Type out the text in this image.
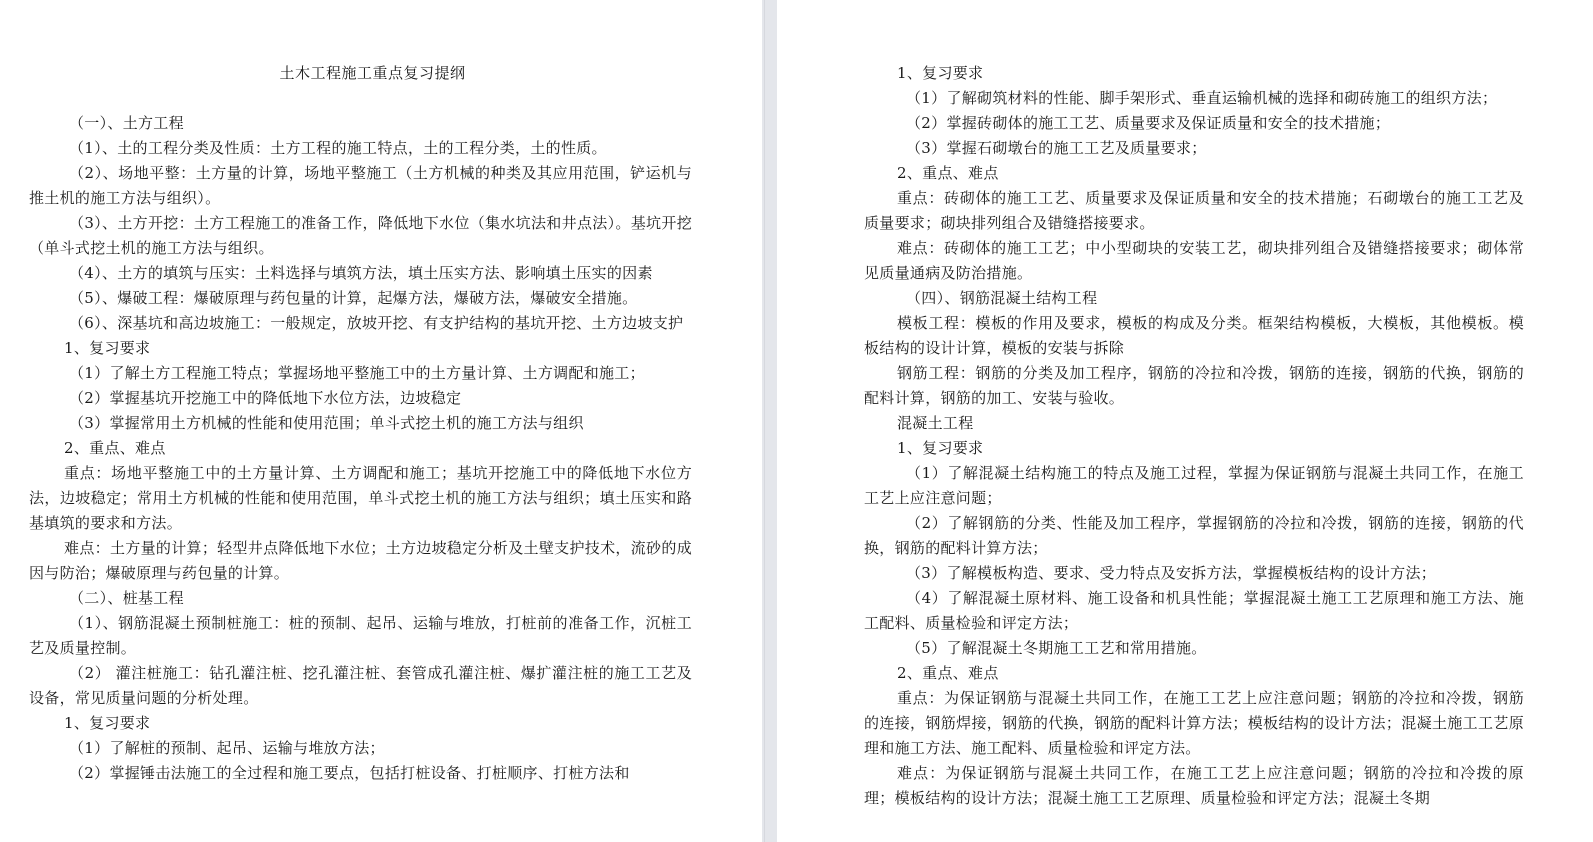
土木工程施工重点复习提纲

（一）、土方工程

（1）、土的工程分类及性质：土方工程的施工特点，土的工程分类，土的性质。

（2）、场地平整：土方量的计算，场地平整施工（土方机械的种类及其应用范围，铲运机与推土机的施工方法与组织）。

（3）、土方开挖：土方工程施工的准备工作，降低地下水位（集水坑法和井点法）。基坑开挖（单斗式挖土机的施工方法与组织。

（4）、土方的填筑与压实：土料选择与填筑方法，填土压实方法、影响填土压实的因素

（5）、爆破工程：爆破原理与药包量的计算，起爆方法，爆破方法，爆破安全措施。

（6）、深基坑和高边坡施工：一般规定，放坡开挖、有支护结构的基坑开挖、土方边坡支护

1、复习要求

（1）了解土方工程施工特点；掌握场地平整施工中的土方量计算、土方调配和施工；

（2）掌握基坑开挖施工中的降低地下水位方法，边坡稳定

（3）掌握常用土方机械的性能和使用范围；单斗式挖土机的施工方法与组织

2、重点、难点

重点：场地平整施工中的土方量计算、土方调配和施工；基坑开挖施工中的降低地下水位方法，边坡稳定；常用土方机械的性能和使用范围，单斗式挖土机的施工方法与组织；填土压实和路基填筑的要求和方法。

难点：土方量的计算；轻型井点降低地下水位；土方边坡稳定分析及土壁支护技术，流砂的成因与防治；爆破原理与药包量的计算。

（二）、桩基工程

（1）、钢筋混凝土预制桩施工：桩的预制、起吊、运输与堆放，打桩前的准备工作，沉桩工艺及质量控制。

（2） 灌注桩施工：钻孔灌注桩、挖孔灌注桩、套管成孔灌注桩、爆扩灌注桩的施工工艺及设备，常见质量问题的分析处理。

1、复习要求

（1）了解桩的预制、起吊、运输与堆放方法；

（2）掌握锤击法施工的全过程和施工要点，包括打桩设备、打桩顺序、打桩方法和

1、复习要求

（1）了解砌筑材料的性能、脚手架形式、垂直运输机械的选择和砌砖施工的组织方法；

（2）掌握砖砌体的施工工艺、质量要求及保证质量和安全的技术措施；

（3）掌握石砌墩台的施工工艺及质量要求；

2、重点、难点

重点：砖砌体的施工工艺、质量要求及保证质量和安全的技术措施；石砌墩台的施工工艺及质量要求；砌块排列组合及错缝搭接要求。

难点：砖砌体的施工工艺；中小型砌块的安装工艺，砌块排列组合及错缝搭接要求；砌体常见质量通病及防治措施。

（四）、钢筋混凝土结构工程

模板工程：模板的作用及要求，模板的构成及分类。框架结构模板，大模板，其他模板。模板结构的设计计算，模板的安装与拆除

钢筋工程：钢筋的分类及加工程序，钢筋的冷拉和冷拨，钢筋的连接，钢筋的代换，钢筋的配料计算，钢筋的加工、安装与验收。

混凝土工程

1、复习要求

（1）了解混凝土结构施工的特点及施工过程，掌握为保证钢筋与混凝土共同工作，在施工工艺上应注意问题；

（2）了解钢筋的分类、性能及加工程序，掌握钢筋的冷拉和冷拨，钢筋的连接，钢筋的代换，钢筋的配料计算方法；

（3）了解模板构造、要求、受力特点及安拆方法，掌握模板结构的设计方法；

（4）了解混凝土原材料、施工设备和机具性能；掌握混凝土施工工艺原理和施工方法、施工配料、质量检验和评定方法；

（5）了解混凝土冬期施工工艺和常用措施。

2、重点、难点

重点：为保证钢筋与混凝土共同工作，在施工工艺上应注意问题；钢筋的冷拉和冷拨，钢筋的连接，钢筋焊接，钢筋的代换，钢筋的配料计算方法；模板结构的设计方法；混凝土施工工艺原理和施工方法、施工配料、质量检验和评定方法。

难点：为保证钢筋与混凝土共同工作，在施工工艺上应注意问题；钢筋的冷拉和冷拨的原理；模板结构的设计方法；混凝土施工工艺原理、质量检验和评定方法；混凝土冬期
